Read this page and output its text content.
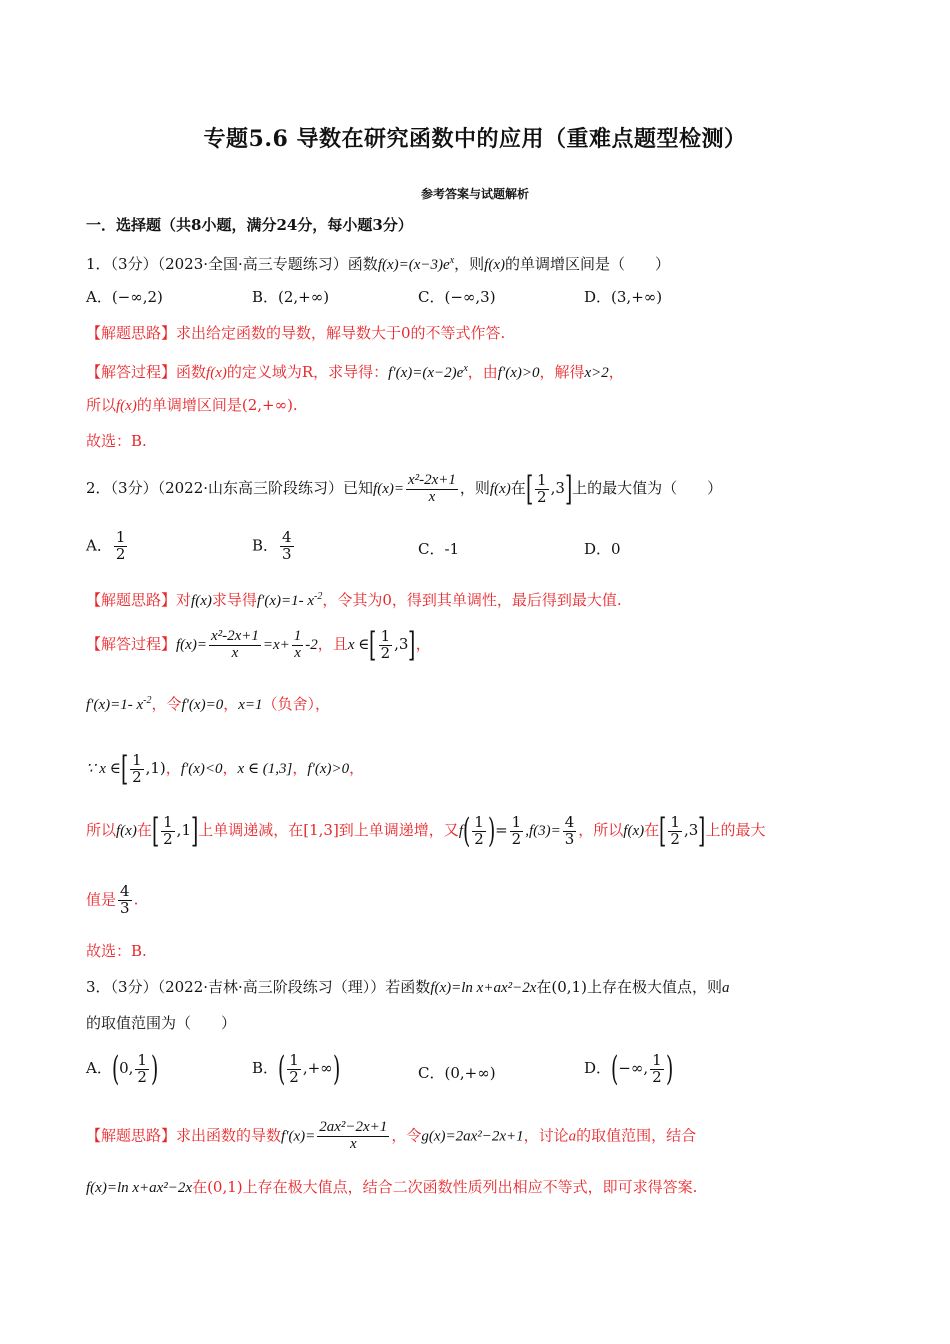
专题5.6 导数在研究函数中的应用（重难点题型检测）
参考答案与试题解析
一．选择题（共8小题，满分24分，每小题3分）
1．（3分）（2023·全国·高三专题练习）函数$f(x)=(x-3)e^x$，则f(x)的单调增区间是（　　）
A．(−∞,2)	B．(2,+∞)	C．(−∞,3)	D．(3,+∞)
【解题思路】求出给定函数的导数，解导数大于0的不等式作答.
【解答过程】函数f(x)的定义域为R，求导得：$f'(x)=(x-2)e^x$，由f′(x)>0，解得x>2，
所以f(x)的单调增区间是(2,+∞).
故选：B.
2．（3分）（2022·山东高三阶段练习）已知$f(x)= \frac{\text{x²-2x+1}}{x}$ ，则f(x)在[ $\frac{1}{2} ,3$]上的最大值为（　　）
A． $\frac{1}{2}$	B． $\frac{4}{3}$	C．-1	D．0
【解题思路】对f(x)求导得f′(x)=1- $x^{-2}$，令其为0，得到其单调性，最后得到最大值.
【解答过程】$f(x)= \frac{\text{x²-2x+1}}{x} =x+ \frac{1}{x} -2$，且x ∈[ $\frac{1}{2} ,3$]，
f′(x)=1- $x^{-2}$，令f′(x)=0，x=1（负舍），
∵ x ∈[ $\frac{1}{2} ,1$)，f′(x)<0，x ∈ (1,3]，f′(x)>0，
所以f(x)在[ $\frac{1}{2} ,1$]上单调递减，在[1,3]到上单调递增，又$f( \frac{1}{2}$ )= $\frac{1}{2} ,f(3)= \frac{4}{3}$ ，所以f(x)在[ $\frac{1}{2} ,3$]上的最大
值是 $\frac{4}{3}$ .
故选：B.
3．（3分）（2022·吉林·高三阶段练习（理））若函数f(x)=ln x+ax²−2x在(0,1)上存在极大值点，则a
的取值范围为（　　）
A．(0, $\frac{1}{2}$ )	B．( $\frac{1}{2}$ ,+∞)	C．(0,+∞)	D．(−∞, $\frac{1}{2}$ )
【解题思路】求出函数的导数$f'(x)= \frac{\text{2ax²−2x+1}}{x}$ ，令g(x)=2ax²−2x+1，讨论a的取值范围，结合
f(x)=ln x+ax²−2x在(0,1)上存在极大值点，结合二次函数性质列出相应不等式，即可求得答案.
